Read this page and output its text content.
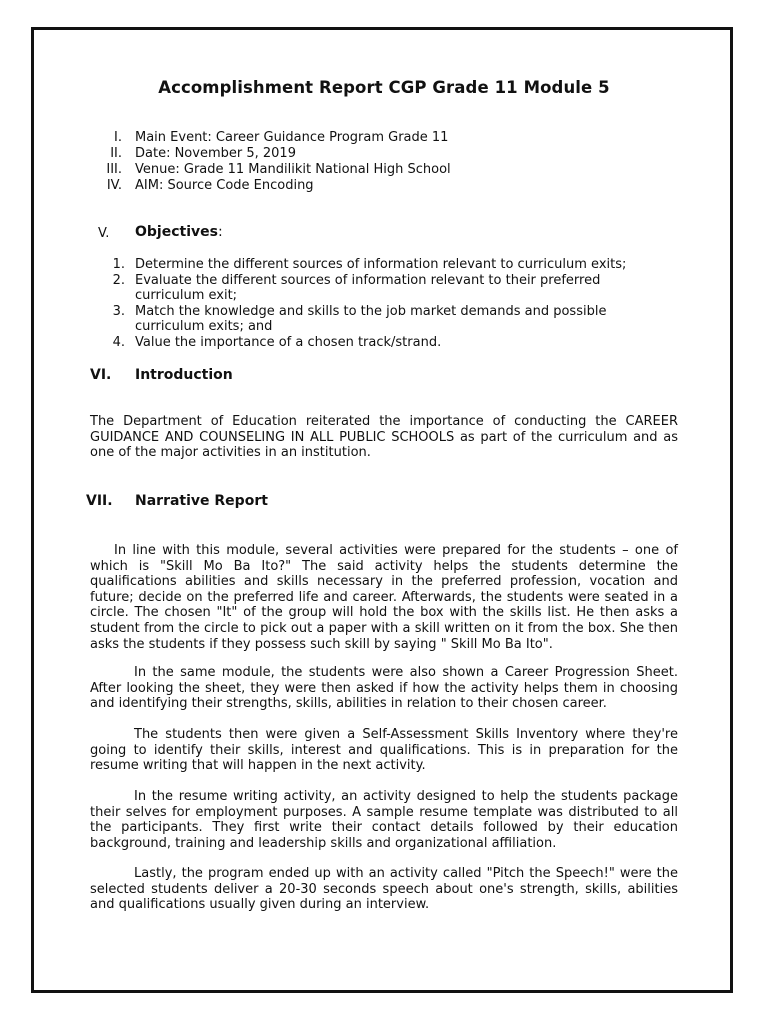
Accomplishment Report CGP Grade 11 Module 5
I. Main Event: Career Guidance Program Grade 11
II. Date: November 5, 2019
III. Venue: Grade 11 Mandilikit National High School
IV. AIM: Source Code Encoding
V. Objectives:
1. Determine the different sources of information relevant to curriculum exits;
2. Evaluate the different sources of information relevant to their preferred
curriculum exit;
3. Match the knowledge and skills to the job market demands and possible
curriculum exits; and
4. Value the importance of a chosen track/strand.
VI. Introduction
The Department of Education reiterated the importance of conducting the CAREER GUIDANCE AND COUNSELING IN ALL PUBLIC SCHOOLS as part of the curriculum and as one of the major activities in an institution.
VII. Narrative Report
In line with this module, several activities were prepared for the students – one of which is "Skill Mo Ba Ito?" The said activity helps the students determine the qualifications abilities and skills necessary in the preferred profession, vocation and future; decide on the preferred life and career. Afterwards, the students were seated in a circle. The chosen "It" of the group will hold the box with the skills list. He then asks a student from the circle to pick out a paper with a skill written on it from the box. She then asks the students if they possess such skill by saying " Skill Mo Ba Ito".
In the same module, the students were also shown a Career Progression Sheet. After looking the sheet, they were then asked if how the activity helps them in choosing and identifying their strengths, skills, abilities in relation to their chosen career.
The students then were given a Self-Assessment Skills Inventory where they're going to identify their skills, interest and qualifications. This is in preparation for the resume writing that will happen in the next activity.
In the resume writing activity, an activity designed to help the students package their selves for employment purposes. A sample resume template was distributed to all the participants. They first write their contact details followed by their education background, training and leadership skills and organizational affiliation.
Lastly, the program ended up with an activity called "Pitch the Speech!" were the selected students deliver a 20-30 seconds speech about one's strength, skills, abilities and qualifications usually given during an interview.
